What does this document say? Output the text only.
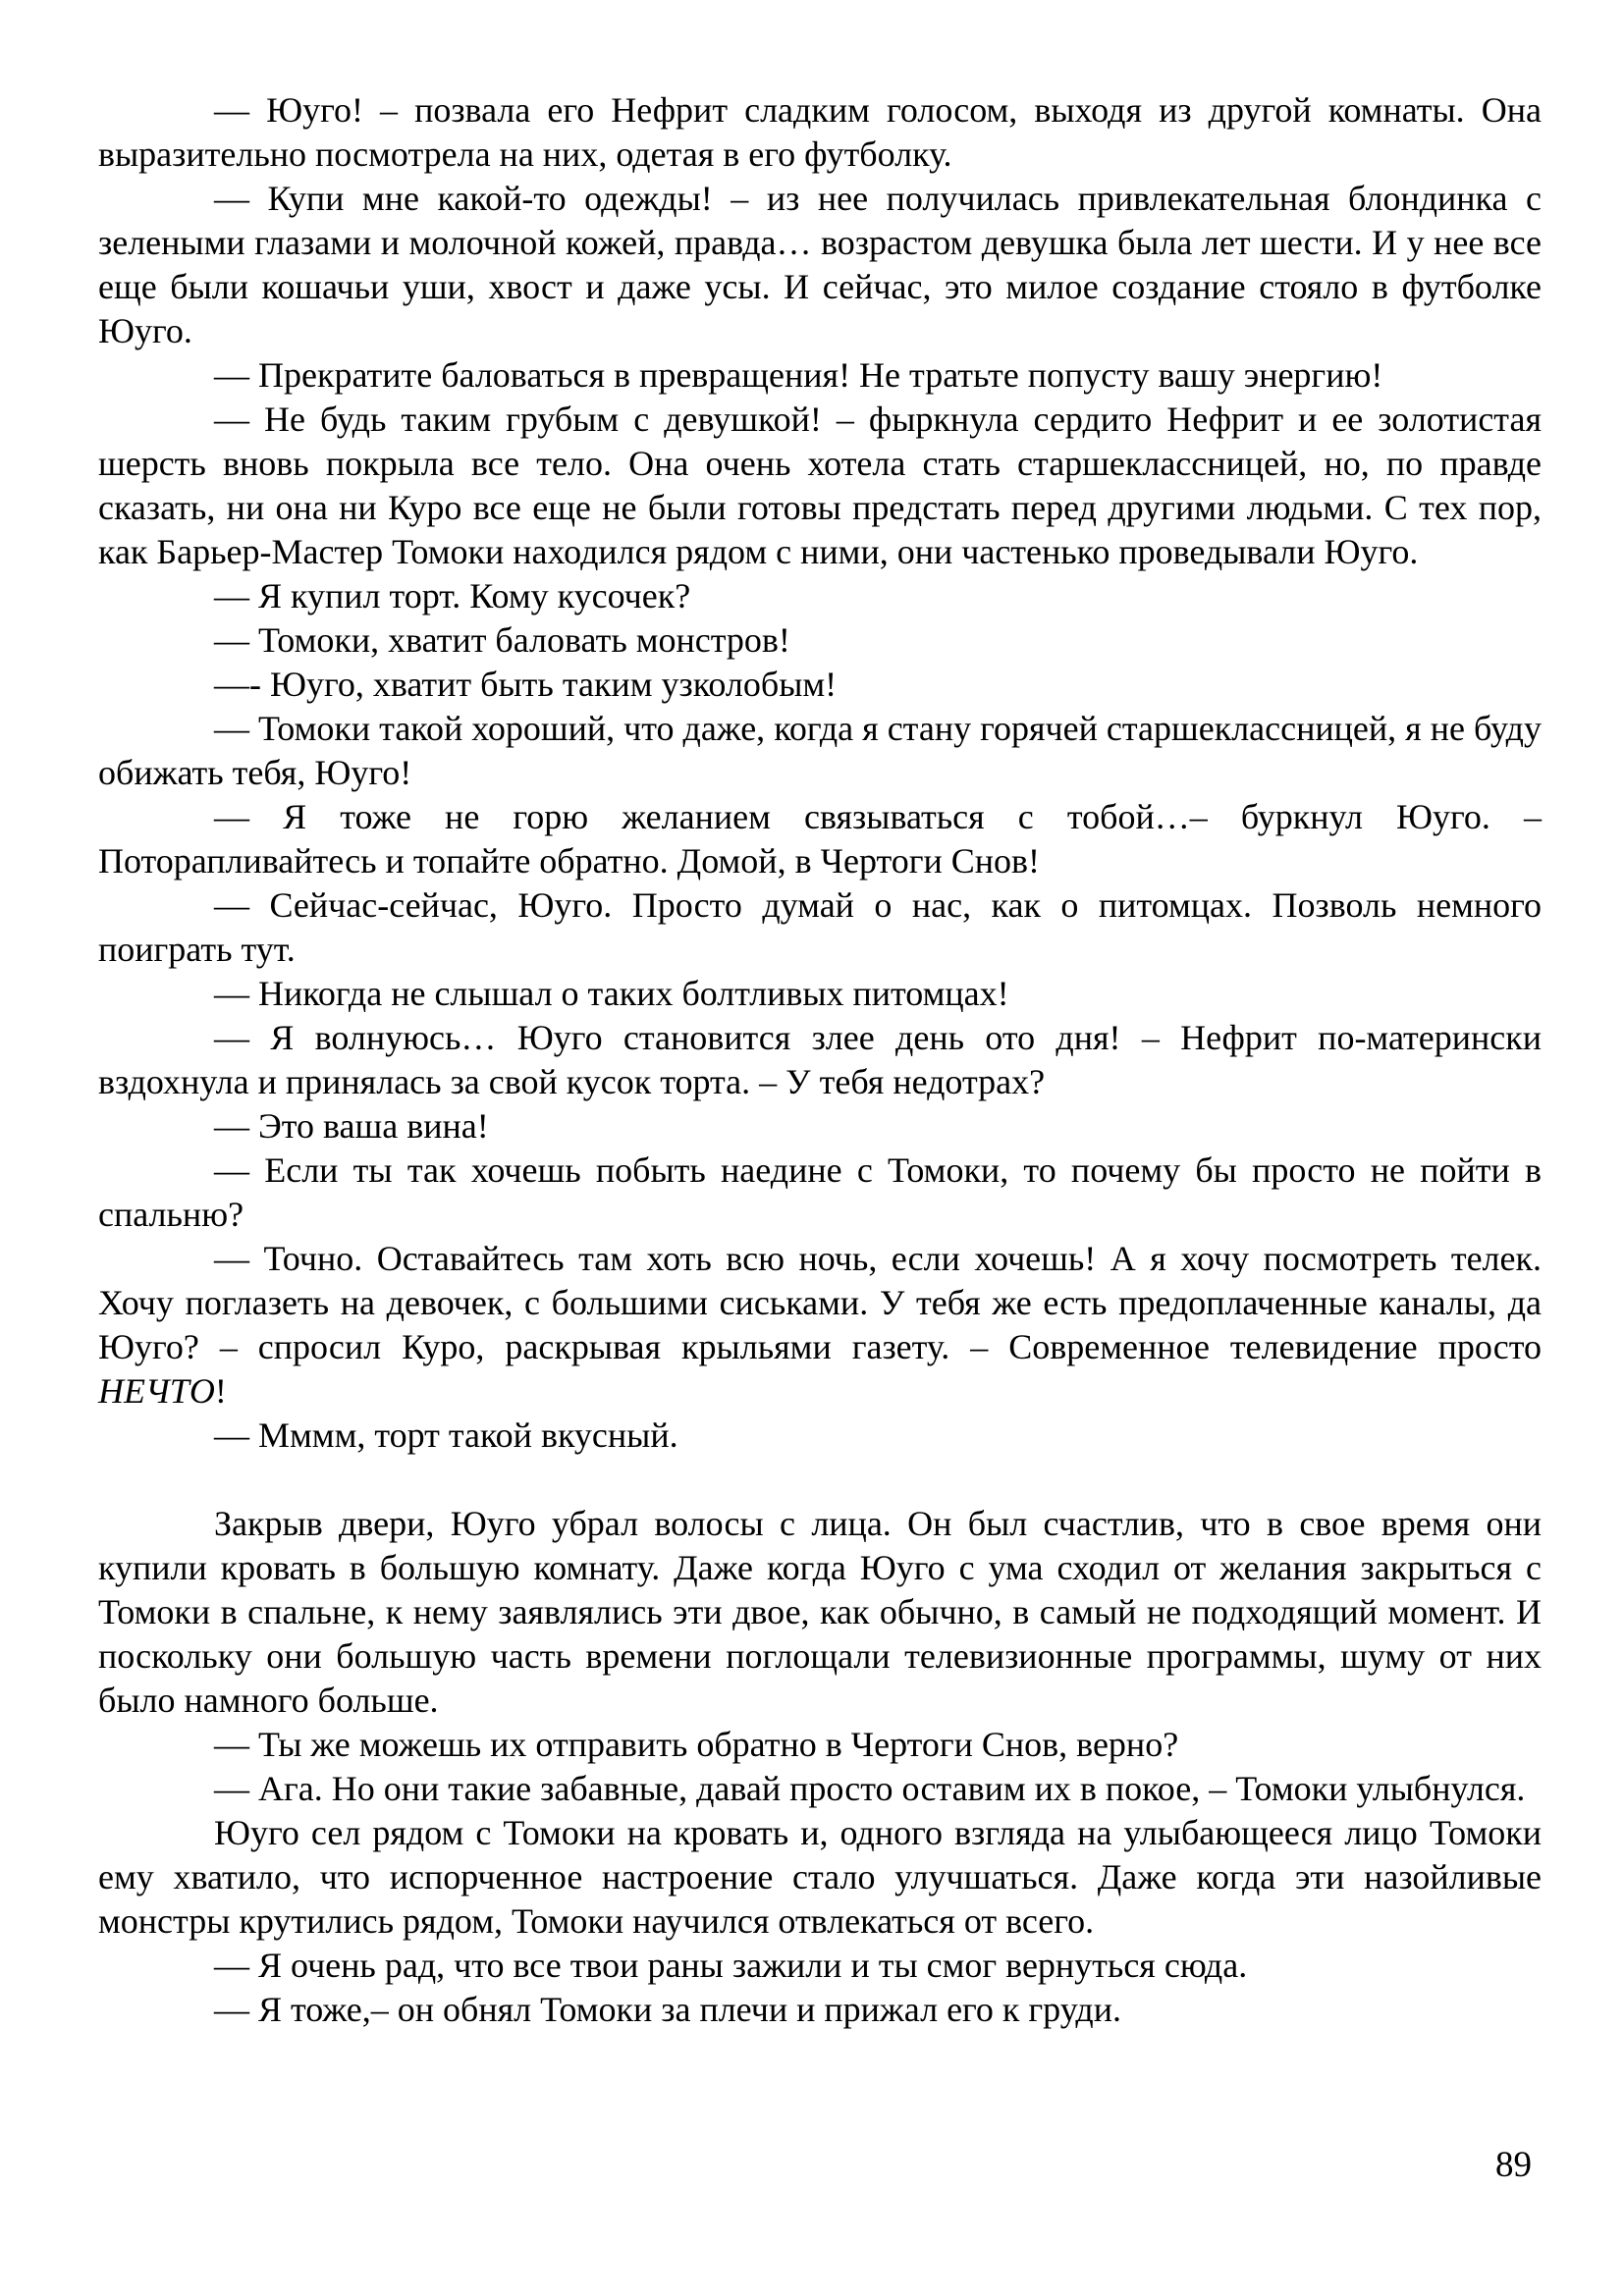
— Юуго! – позвала его Нефрит сладким голосом, выходя из другой комнаты. Она выразительно посмотрела на них, одетая в его футболку.

— Купи мне какой-то одежды! – из нее получилась привлекательная блондинка с зелеными глазами и молочной кожей, правда… возрастом девушка была лет шести. И у нее все еще были кошачьи уши, хвост и даже усы. И сейчас, это милое создание стояло в футболке Юуго.

— Прекратите баловаться в превращения! Не тратьте попусту вашу энергию!

— Не будь таким грубым с девушкой! – фыркнула сердито Нефрит и ее золотистая шерсть вновь покрыла все тело. Она очень хотела стать старшеклассницей, но, по правде сказать, ни она ни Куро все еще не были готовы предстать перед другими людьми. С тех пор, как Барьер-Мастер Томоки находился рядом с ними, они частенько проведывали Юуго.

— Я купил торт. Кому кусочек?

— Томоки, хватит баловать монстров!

—- Юуго, хватит быть таким узколобым!

— Томоки такой хороший, что даже, когда я стану горячей старшеклассницей, я не буду обижать тебя, Юуго!

— Я тоже не горю желанием связываться с тобой…– буркнул Юуго. – Поторапливайтесь и топайте обратно. Домой, в Чертоги Снов!

— Сейчас-сейчас, Юуго. Просто думай о нас, как о питомцах. Позволь немного поиграть тут.

— Никогда не слышал о таких болтливых питомцах!

— Я волнуюсь… Юуго становится злее день ото дня! – Нефрит по-матерински вздохнула и принялась за свой кусок торта. – У тебя недотрах?

— Это ваша вина!

— Если ты так хочешь побыть наедине с Томоки, то почему бы просто не пойти в спальню?

— Точно. Оставайтесь там хоть всю ночь, если хочешь! А я хочу посмотреть телек. Хочу поглазеть на девочек, с большими сиськами. У тебя же есть предоплаченные каналы, да Юуго? – спросил Куро, раскрывая крыльями газету. – Современное телевидение просто НЕЧТО!

— Мммм, торт такой вкусный.

Закрыв двери, Юуго убрал волосы с лица. Он был счастлив, что в свое время они купили кровать в большую комнату. Даже когда Юуго с ума сходил от желания закрыться с Томоки в спальне, к нему заявлялись эти двое, как обычно, в самый не подходящий момент. И поскольку они большую часть времени поглощали телевизионные программы, шуму от них было намного больше.

— Ты же можешь их отправить обратно в Чертоги Снов, верно?

— Ага. Но они такие забавные, давай просто оставим их в покое, – Томоки улыбнулся.

Юуго сел рядом с Томоки на кровать и, одного взгляда на улыбающееся лицо Томоки ему хватило, что испорченное настроение стало улучшаться. Даже когда эти назойливые монстры крутились рядом, Томоки научился отвлекаться от всего.

— Я очень рад, что все твои раны зажили и ты смог вернуться сюда.

— Я тоже,– он обнял Томоки за плечи и прижал его к груди.

89
